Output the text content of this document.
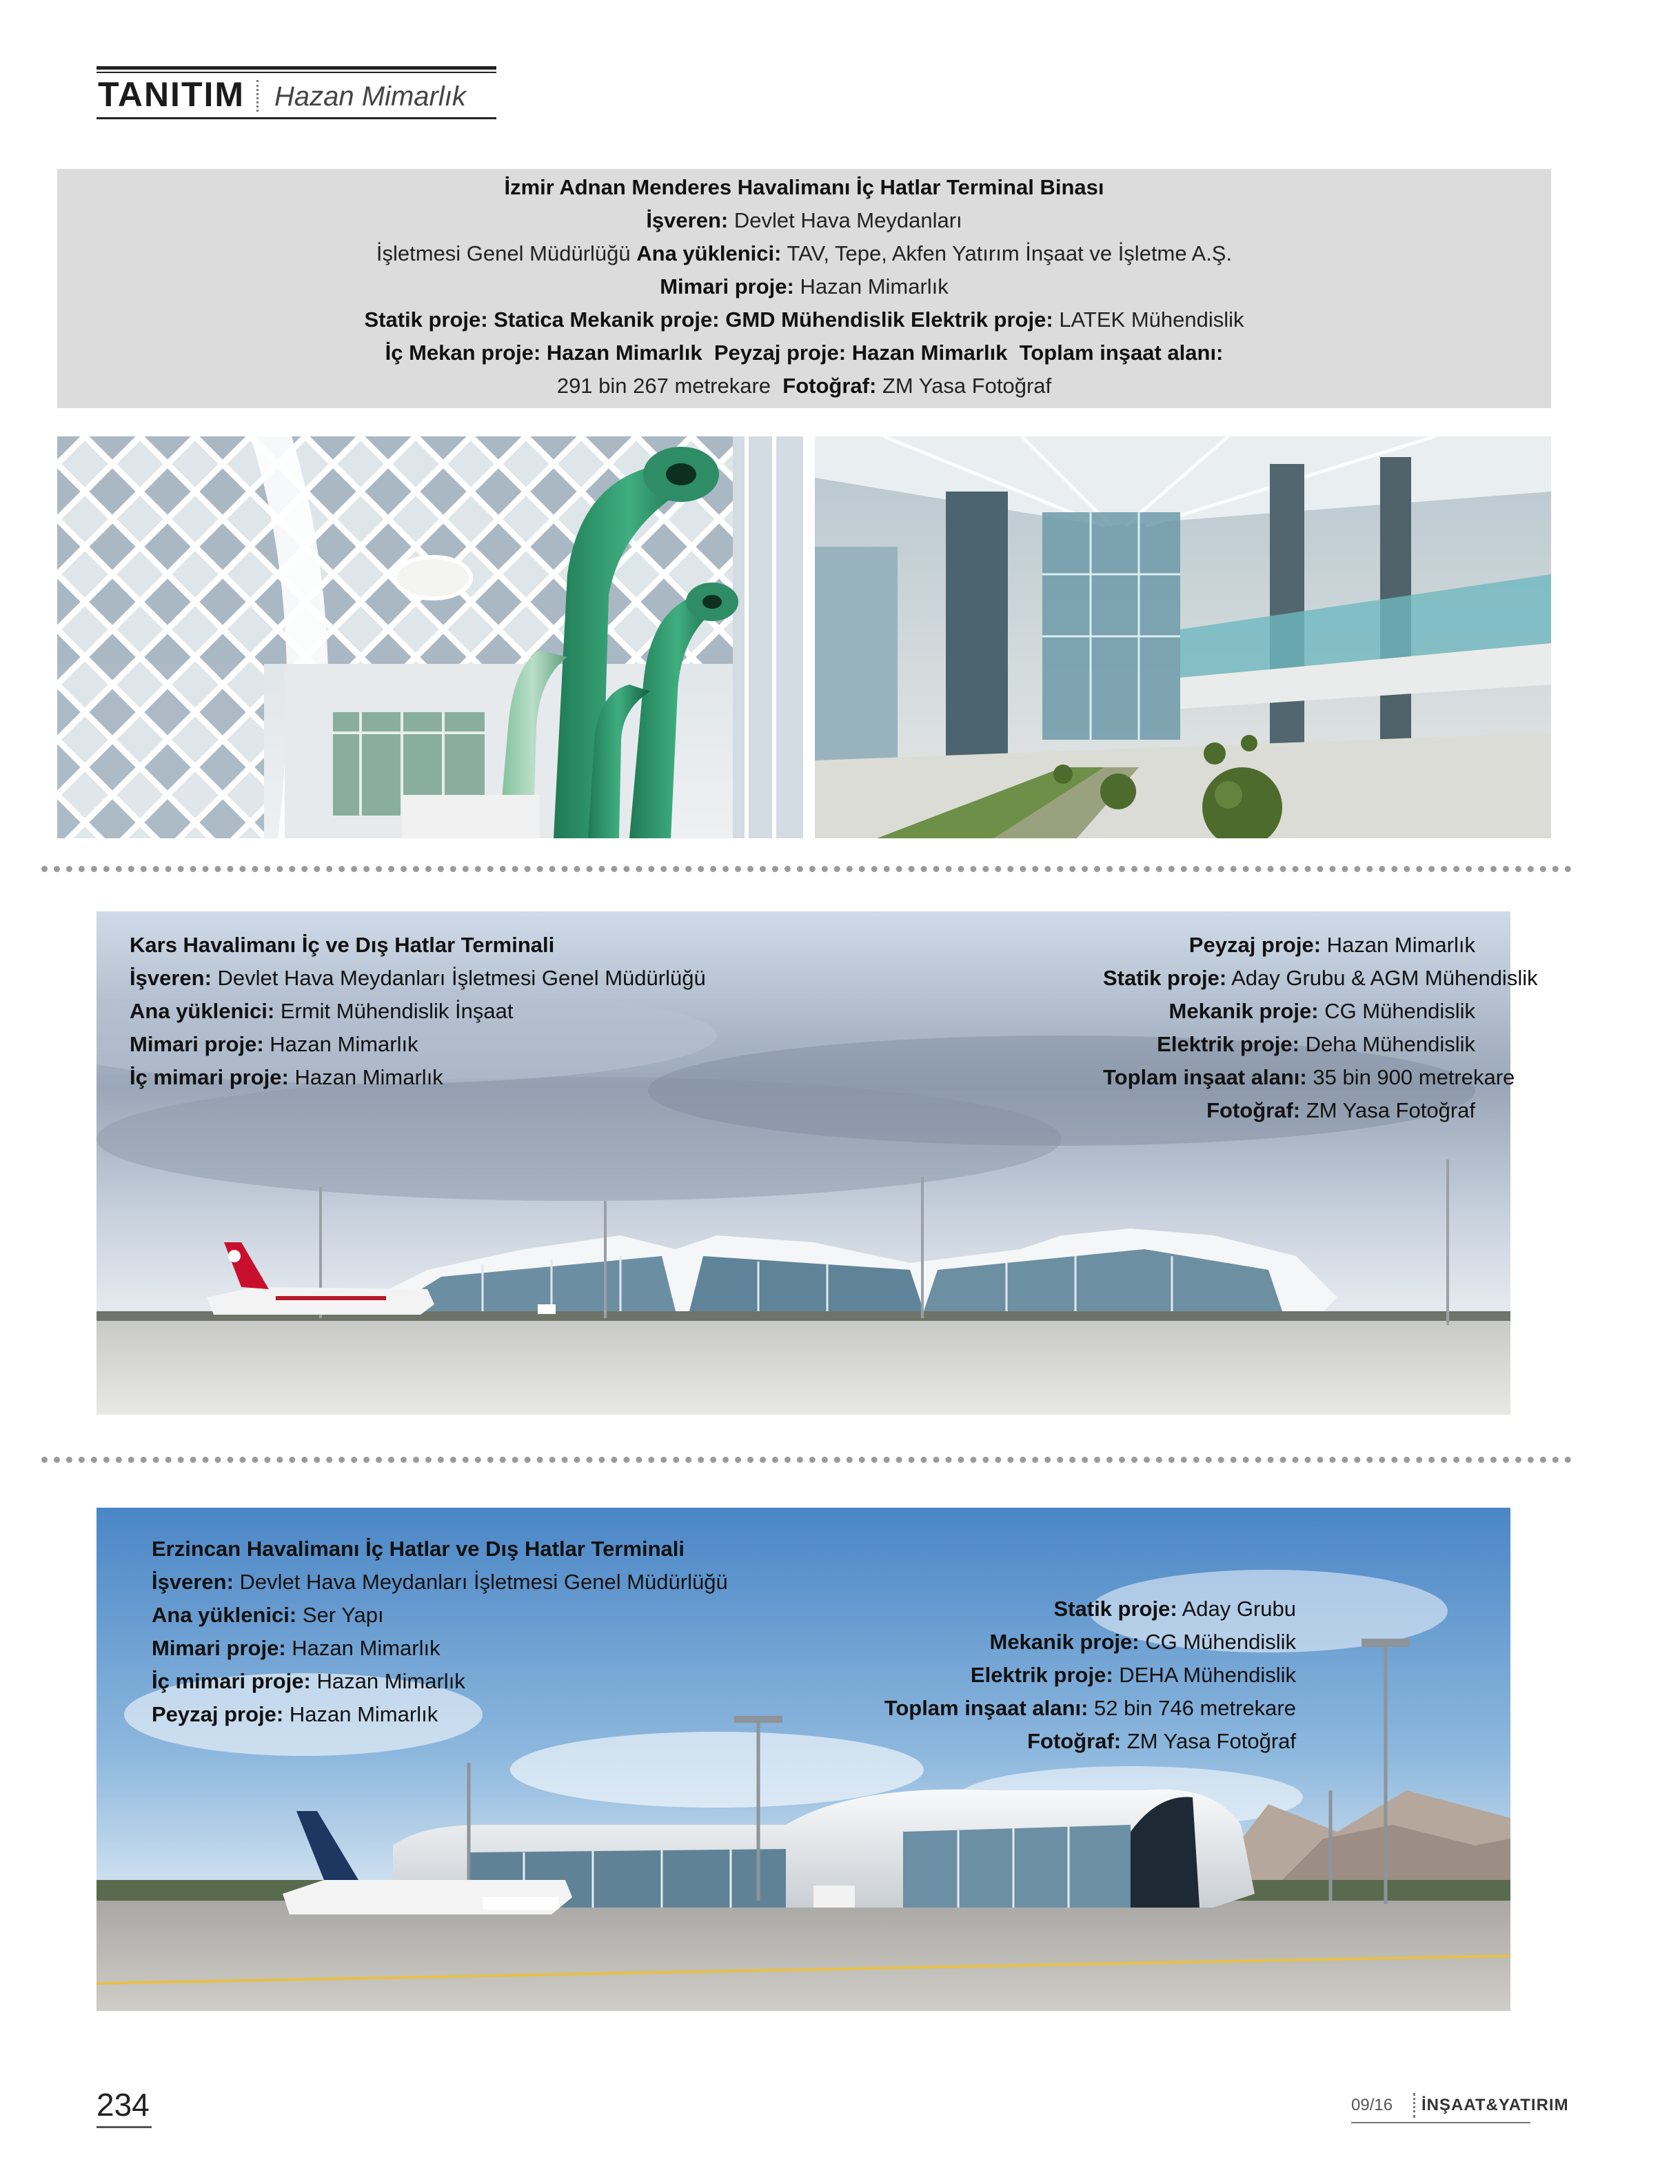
TANITIM Hazan Mimarlık
İzmir Adnan Menderes Havalimanı İç Hatlar Terminal Binası
İşveren: Devlet Hava Meydanları
İşletmesi Genel Müdürlüğü Ana yüklenici: TAV, Tepe, Akfen Yatırım İnşaat ve İşletme A.Ş.
Mimari proje: Hazan Mimarlık
Statik proje: Statica Mekanik proje: GMD Mühendislik Elektrik proje: LATEK Mühendislik
İç Mekan proje: Hazan Mimarlık Peyzaj proje: Hazan Mimarlık Toplam inşaat alanı:
291 bin 267 metrekare Fotoğraf: ZM Yasa Fotoğraf
Kars Havalimanı İç ve Dış Hatlar Terminali
İşveren: Devlet Hava Meydanları İşletmesi Genel Müdürlüğü
Ana yüklenici: Ermit Mühendislik İnşaat
Mimari proje: Hazan Mimarlık
İç mimari proje: Hazan Mimarlık
Peyzaj proje: Hazan Mimarlık
Statik proje: Aday Grubu & AGM Mühendislik
Mekanik proje: CG Mühendislik
Elektrik proje: Deha Mühendislik
Toplam inşaat alanı: 35 bin 900 metrekare
Fotoğraf: ZM Yasa Fotoğraf
Erzincan Havalimanı İç Hatlar ve Dış Hatlar Terminali
İşveren: Devlet Hava Meydanları İşletmesi Genel Müdürlüğü
Ana yüklenici: Ser Yapı
Mimari proje: Hazan Mimarlık
İç mimari proje: Hazan Mimarlık
Peyzaj proje: Hazan Mimarlık
Statik proje: Aday Grubu
Mekanik proje: CG Mühendislik
Elektrik proje: DEHA Mühendislik
Toplam inşaat alanı: 52 bin 746 metrekare
Fotoğraf: ZM Yasa Fotoğraf
234	09/16 İNŞAAT&YATIRIM
